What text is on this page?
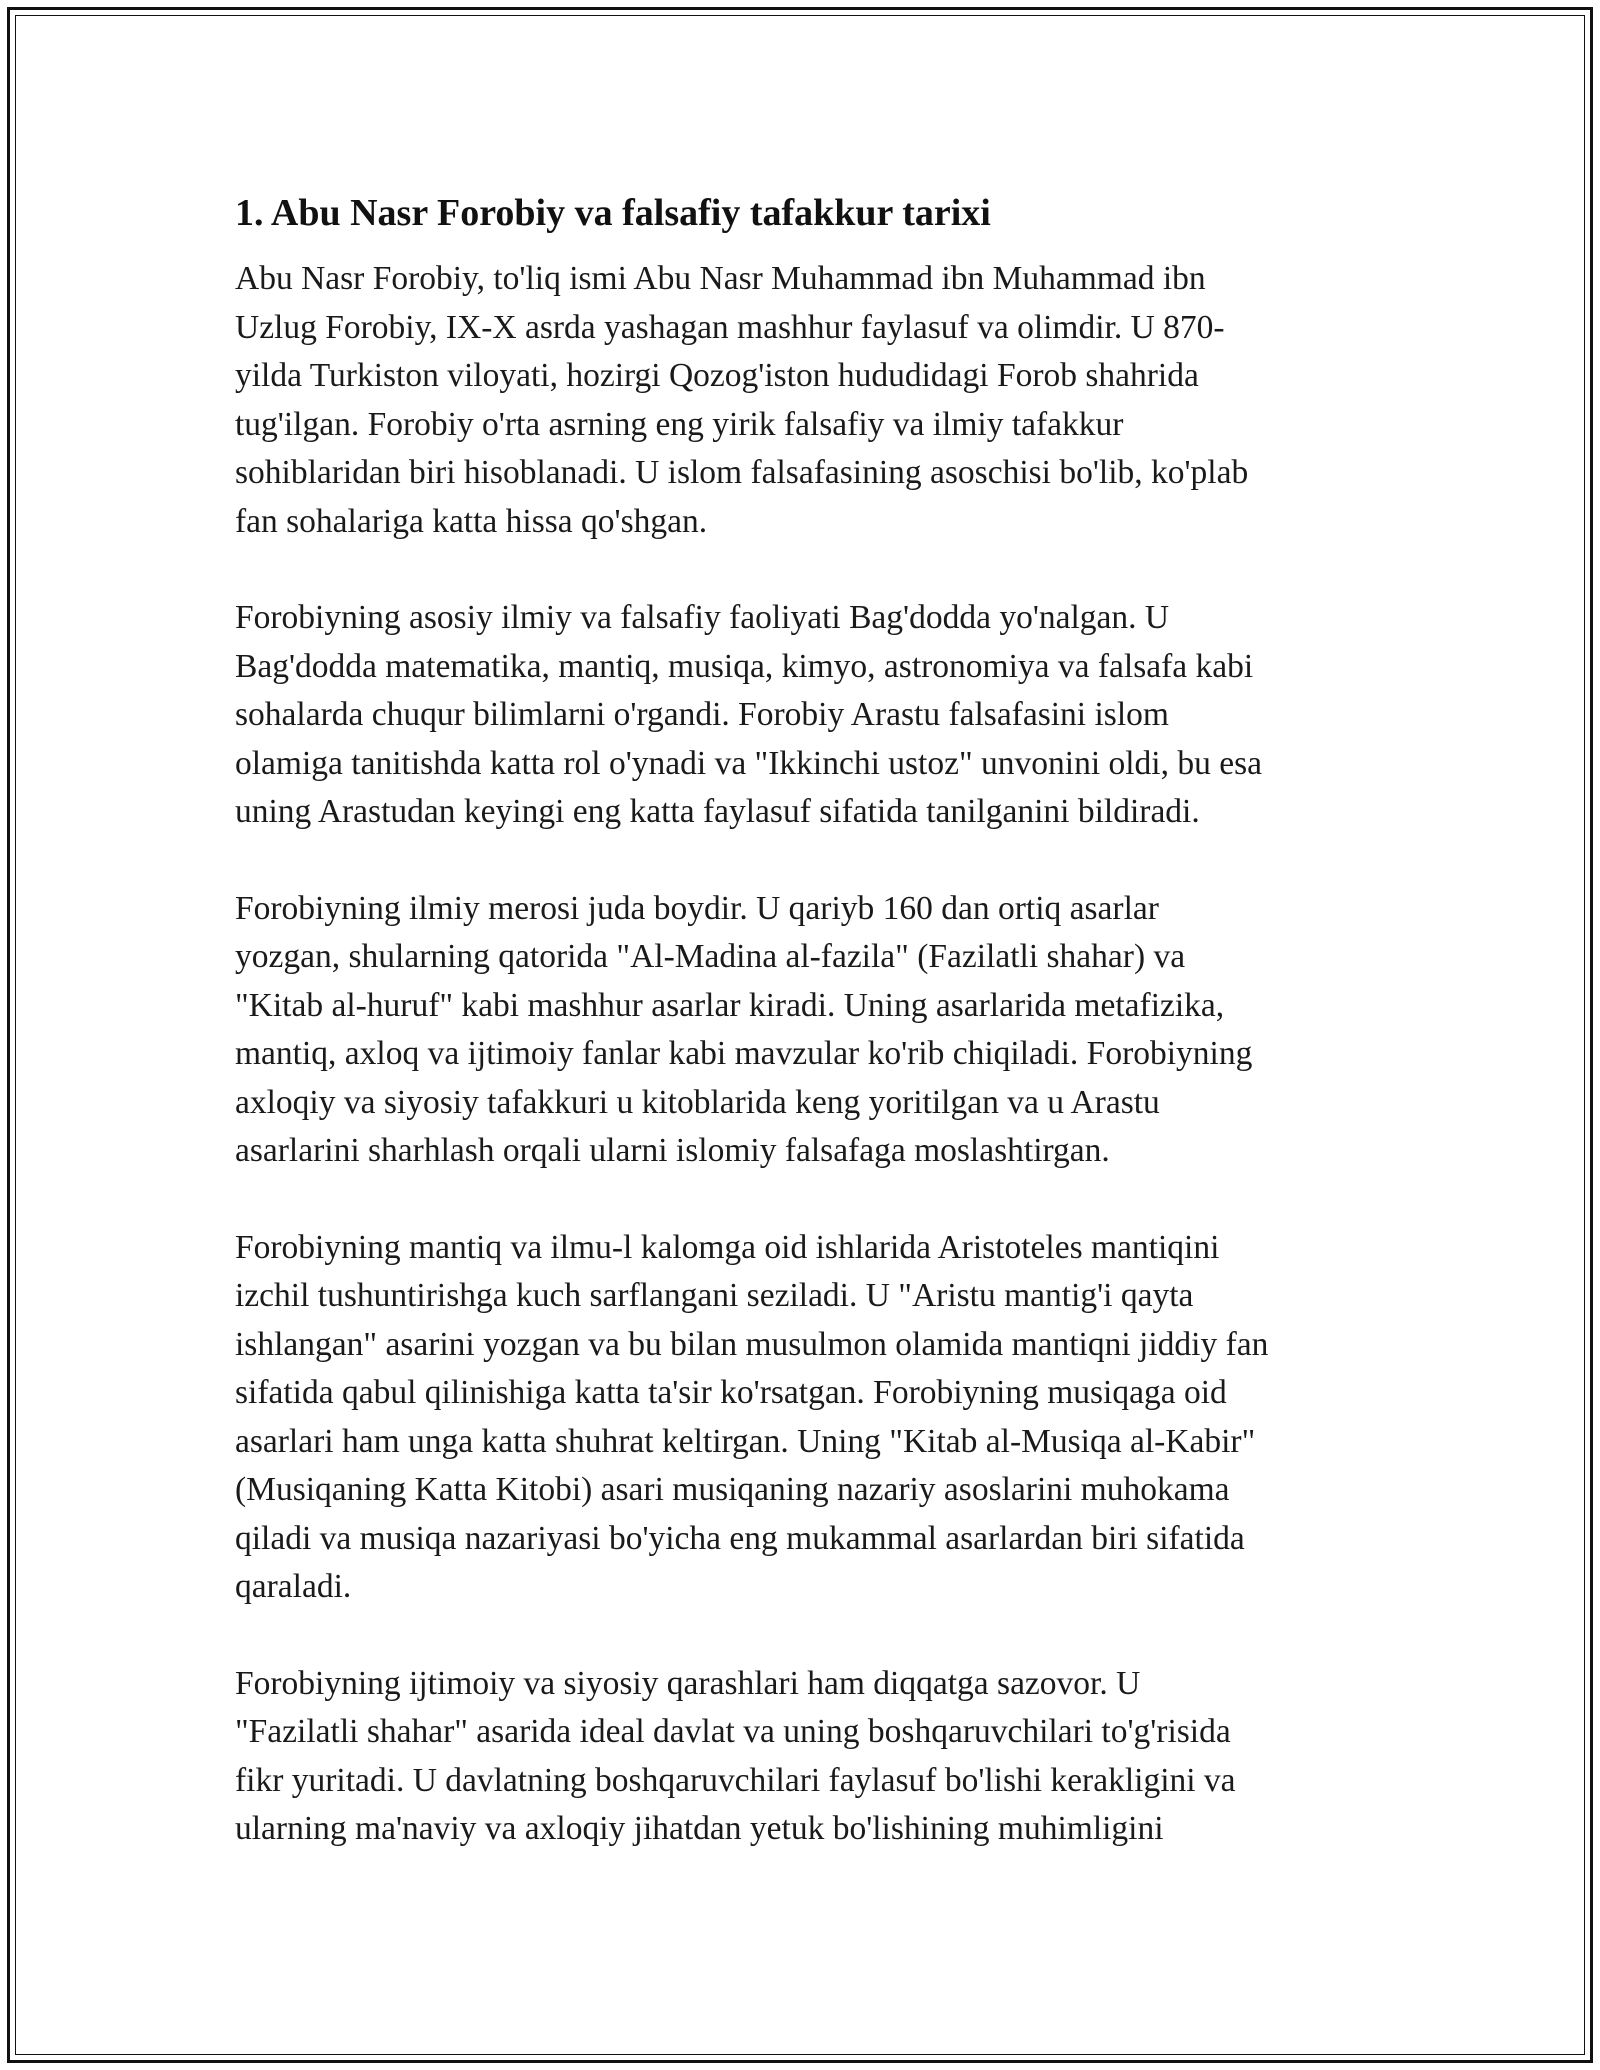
1. Abu Nasr Forobiy va falsafiy tafakkur tarixi

Abu Nasr Forobiy, to'liq ismi Abu Nasr Muhammad ibn Muhammad ibn
Uzlug Forobiy, IX-X asrda yashagan mashhur faylasuf va olimdir. U 870-
yilda Turkiston viloyati, hozirgi Qozog'iston hududidagi Forob shahrida
tug'ilgan. Forobiy o'rta asrning eng yirik falsafiy va ilmiy tafakkur
sohiblaridan biri hisoblanadi. U islom falsafasining asoschisi bo'lib, ko'plab
fan sohalariga katta hissa qo'shgan.

Forobiyning asosiy ilmiy va falsafiy faoliyati Bag'dodda yo'nalgan. U
Bag'dodda matematika, mantiq, musiqa, kimyo, astronomiya va falsafa kabi
sohalarda chuqur bilimlarni o'rgandi. Forobiy Arastu falsafasini islom
olamiga tanitishda katta rol o'ynadi va "Ikkinchi ustoz" unvonini oldi, bu esa
uning Arastudan keyingi eng katta faylasuf sifatida tanilganini bildiradi.

Forobiyning ilmiy merosi juda boydir. U qariyb 160 dan ortiq asarlar
yozgan, shularning qatorida "Al-Madina al-fazila" (Fazilatli shahar) va
"Kitab al-huruf" kabi mashhur asarlar kiradi. Uning asarlarida metafizika,
mantiq, axloq va ijtimoiy fanlar kabi mavzular ko'rib chiqiladi. Forobiyning
axloqiy va siyosiy tafakkuri u kitoblarida keng yoritilgan va u Arastu
asarlarini sharhlash orqali ularni islomiy falsafaga moslashtirgan.

Forobiyning mantiq va ilmu-l kalomga oid ishlarida Aristoteles mantiqini
izchil tushuntirishga kuch sarflangani seziladi. U "Aristu mantig'i qayta
ishlangan" asarini yozgan va bu bilan musulmon olamida mantiqni jiddiy fan
sifatida qabul qilinishiga katta ta'sir ko'rsatgan. Forobiyning musiqaga oid
asarlari ham unga katta shuhrat keltirgan. Uning "Kitab al-Musiqa al-Kabir"
(Musiqaning Katta Kitobi) asari musiqaning nazariy asoslarini muhokama
qiladi va musiqa nazariyasi bo'yicha eng mukammal asarlardan biri sifatida
qaraladi.

Forobiyning ijtimoiy va siyosiy qarashlari ham diqqatga sazovor. U
"Fazilatli shahar" asarida ideal davlat va uning boshqaruvchilari to'g'risida
fikr yuritadi. U davlatning boshqaruvchilari faylasuf bo'lishi kerakligini va
ularning ma'naviy va axloqiy jihatdan yetuk bo'lishining muhimligini
